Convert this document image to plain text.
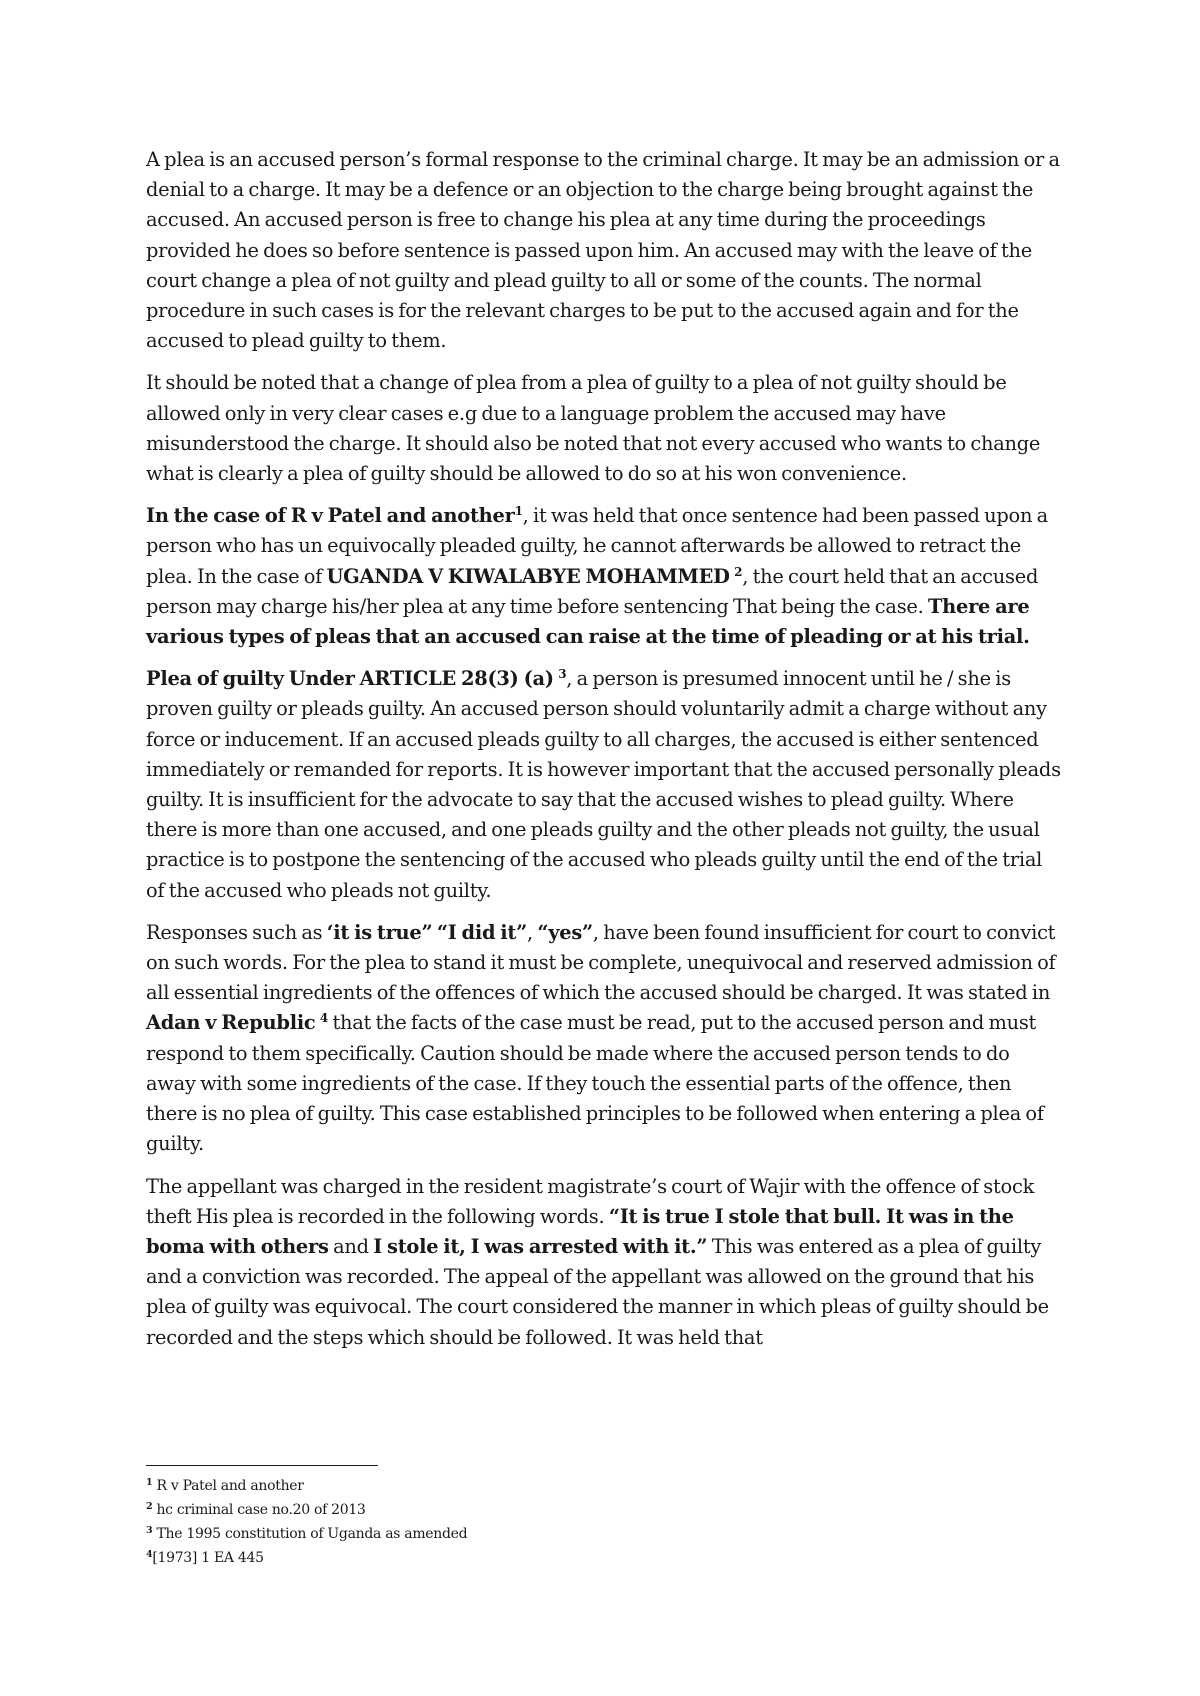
A plea is an accused person’s formal response to the criminal charge. It may be an admission or a denial to a charge. It may be a defence or an objection to the charge being brought against the accused. An accused person is free to change his plea at any time during the proceedings provided he does so before sentence is passed upon him. An accused may with the leave of the court change a plea of not guilty and plead guilty to all or some of the counts. The normal procedure in such cases is for the relevant charges to be put to the accused again and for the accused to plead guilty to them.

It should be noted that a change of plea from a plea of guilty to a plea of not guilty should be allowed only in very clear cases e.g due to a language problem the accused may have misunderstood the charge. It should also be noted that not every accused who wants to change what is clearly a plea of guilty should be allowed to do so at his won convenience.

In the case of R v Patel and another$^1$, it was held that once sentence had been passed upon a person who has un equivocally pleaded guilty, he cannot afterwards be allowed to retract the plea. In the case of UGANDA V KIWALABYE MOHAMMED $^2$, the court held that an accused person may charge his/her plea at any time before sentencing That being the case. There are various types of pleas that an accused can raise at the time of pleading or at his trial.

Plea of guilty Under ARTICLE 28(3) (a) $^3$, a person is presumed innocent until he / she is proven guilty or pleads guilty. An accused person should voluntarily admit a charge without any force or inducement. If an accused pleads guilty to all charges, the accused is either sentenced immediately or remanded for reports. It is however important that the accused personally pleads guilty. It is insufficient for the advocate to say that the accused wishes to plead guilty. Where there is more than one accused, and one pleads guilty and the other pleads not guilty, the usual practice is to postpone the sentencing of the accused who pleads guilty until the end of the trial of the accused who pleads not guilty.

Responses such as ‘it is true” “I did it”, “yes”, have been found insufficient for court to convict on such words. For the plea to stand it must be complete, unequivocal and reserved admission of all essential ingredients of the offences of which the accused should be charged. It was stated in Adan v Republic $^4$ that the facts of the case must be read, put to the accused person and must respond to them specifically. Caution should be made where the accused person tends to do away with some ingredients of the case. If they touch the essential parts of the offence, then there is no plea of guilty. This case established principles to be followed when entering a plea of guilty.

The appellant was charged in the resident magistrate’s court of Wajir with the offence of stock theft His plea is recorded in the following words. “It is true I stole that bull. It was in the boma with others and I stole it, I was arrested with it.” This was entered as a plea of guilty and a conviction was recorded. The appeal of the appellant was allowed on the ground that his plea of guilty was equivocal. The court considered the manner in which pleas of guilty should be recorded and the steps which should be followed. It was held that

$^1$ R v Patel and another
$^2$ hc criminal case no.20 of 2013
$^3$ The 1995 constitution of Uganda as amended
$^4$[1973] 1 EA 445
